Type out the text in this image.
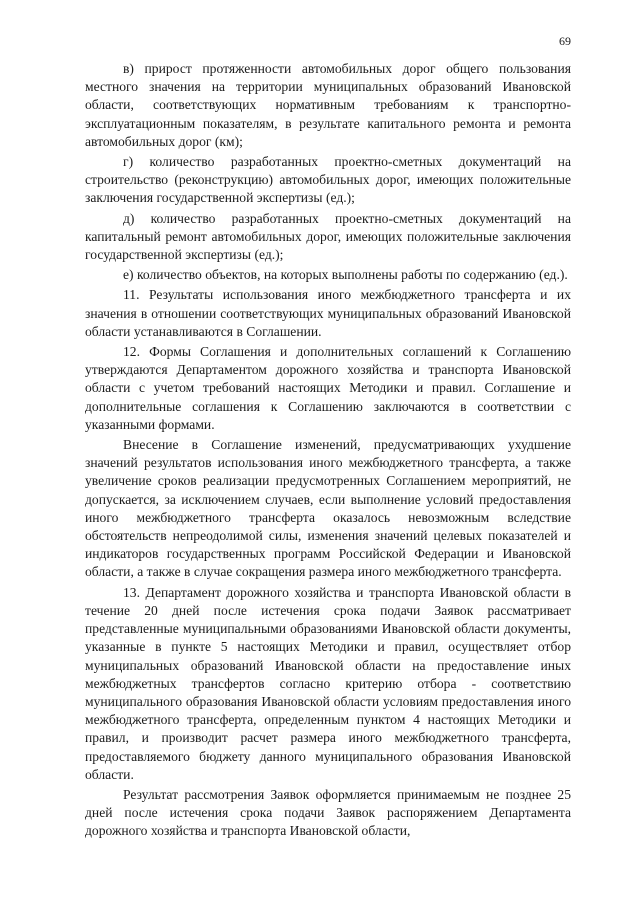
69

в) прирост протяженности автомобильных дорог общего пользования местного значения на территории муниципальных образований Ивановской области, соответствующих нормативным требованиям к транспортно-эксплуатационным показателям, в результате капитального ремонта и ремонта автомобильных дорог (км);

г) количество разработанных проектно-сметных документаций на строительство (реконструкцию) автомобильных дорог, имеющих положительные заключения государственной экспертизы (ед.);

д) количество разработанных проектно-сметных документаций на капитальный ремонт автомобильных дорог, имеющих положительные заключения государственной экспертизы (ед.);

е) количество объектов, на которых выполнены работы по содержанию (ед.).

11. Результаты использования иного межбюджетного трансферта и их значения в отношении соответствующих муниципальных образований Ивановской области устанавливаются в Соглашении.

12. Формы Соглашения и дополнительных соглашений к Соглашению утверждаются Департаментом дорожного хозяйства и транспорта Ивановской области с учетом требований настоящих Методики и правил. Соглашение и дополнительные соглашения к Соглашению заключаются в соответствии с указанными формами.

Внесение в Соглашение изменений, предусматривающих ухудшение значений результатов использования иного межбюджетного трансферта, а также увеличение сроков реализации предусмотренных Соглашением мероприятий, не допускается, за исключением случаев, если выполнение условий предоставления иного межбюджетного трансферта оказалось невозможным вследствие обстоятельств непреодолимой силы, изменения значений целевых показателей и индикаторов государственных программ Российской Федерации и Ивановской области, а также в случае сокращения размера иного межбюджетного трансферта.

13. Департамент дорожного хозяйства и транспорта Ивановской области в течение 20 дней после истечения срока подачи Заявок рассматривает представленные муниципальными образованиями Ивановской области документы, указанные в пункте 5 настоящих Методики и правил, осуществляет отбор муниципальных образований Ивановской области на предоставление иных межбюджетных трансфертов согласно критерию отбора - соответствию муниципального образования Ивановской области условиям предоставления иного межбюджетного трансферта, определенным пунктом 4 настоящих Методики и правил, и производит расчет размера иного межбюджетного трансферта, предоставляемого бюджету данного муниципального образования Ивановской области.

Результат рассмотрения Заявок оформляется принимаемым не позднее 25 дней после истечения срока подачи Заявок распоряжением Департамента дорожного хозяйства и транспорта Ивановской области,
